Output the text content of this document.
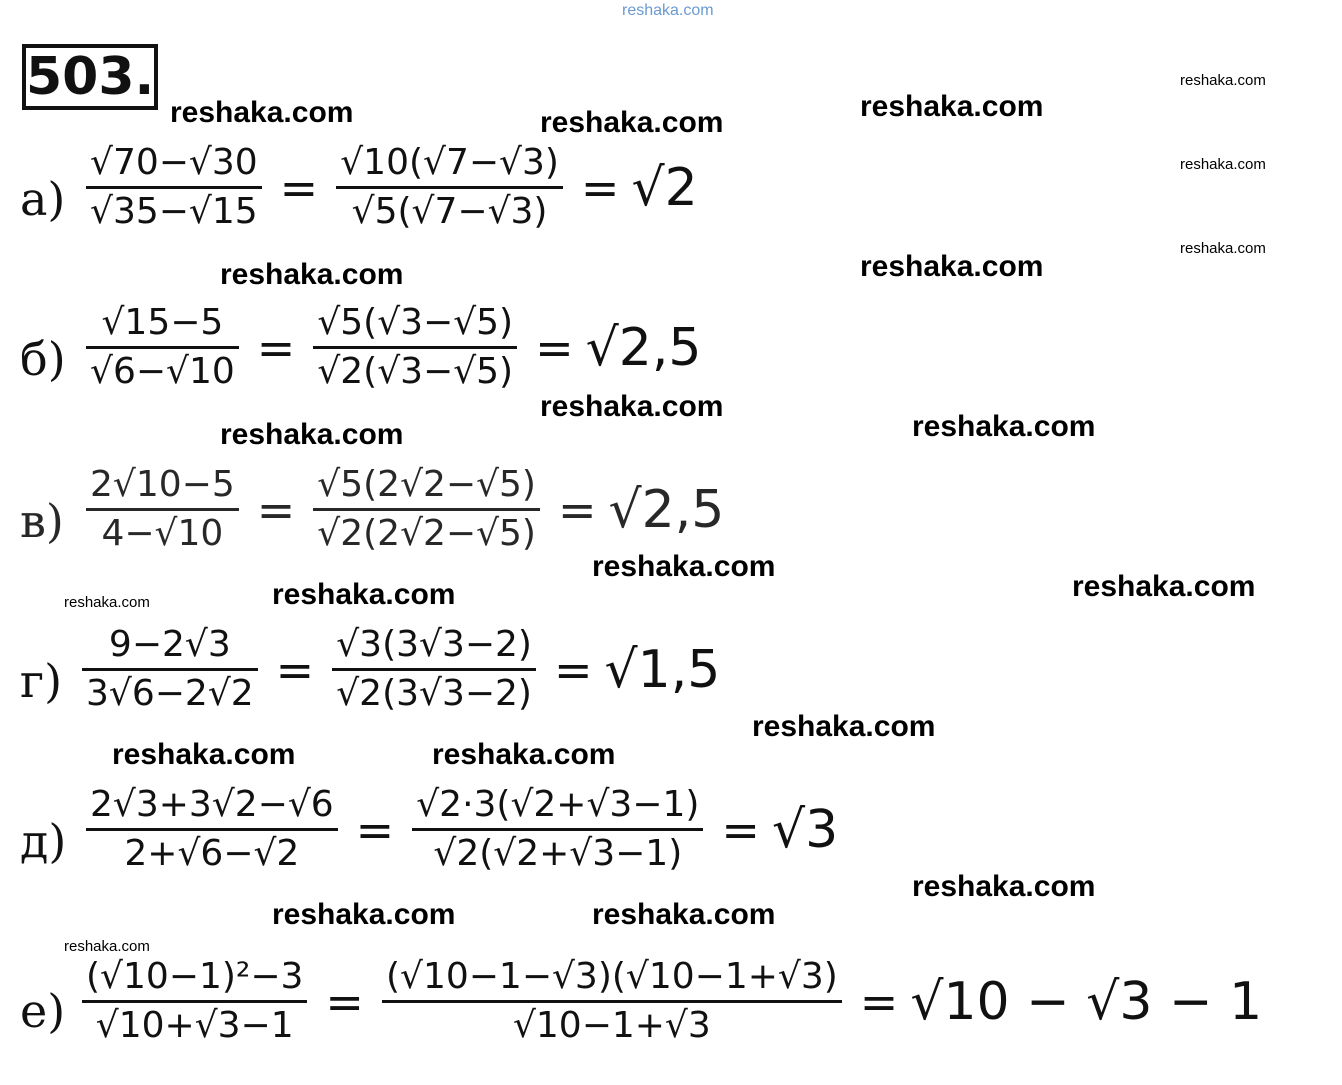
reshaka.com
reshaka.com	reshaka.com	reshaka.com
reshaka.com
reshaka.com
reshaka.com
reshaka.com	reshaka.com
reshaka.com
reshaka.com	reshaka.com
reshaka.com
reshaka.com
reshaka.com	reshaka.com
reshaka.com
reshaka.com	reshaka.com
reshaka.com
reshaka.com	reshaka.com
reshaka.com
503.
$а) \frac{√70-√30}{√35-√15} = \frac{√10(√7-√3)}{√5(√7-√3)} = √2$
$б) \frac{√15-5}{√6-√10} = \frac{√5(√3-√5)}{√2(√3-√5)} = √2,5$
$в) \frac{2√10-5}{4-√10} = \frac{√5(2√2-√5)}{√2(2√2-√5)} = √2,5$
$г) \frac{9-2√3}{3√6-2√2} = \frac{√3(3√3-2)}{√2(3√3-2)} = √1,5$
$д) \frac{2√3+3√2-√6}{2+√6-√2} = \frac{√2\cdot 3(√2+√3-1)}{√2(√2+√3-1)} = √3$
$е) \frac{\text{(√10−1)²−3}}{√10+√3-1} = \frac{(√10-1-√3)(√10-1+√3)}{√10-1+√3} = √10 - √3 - 1$
